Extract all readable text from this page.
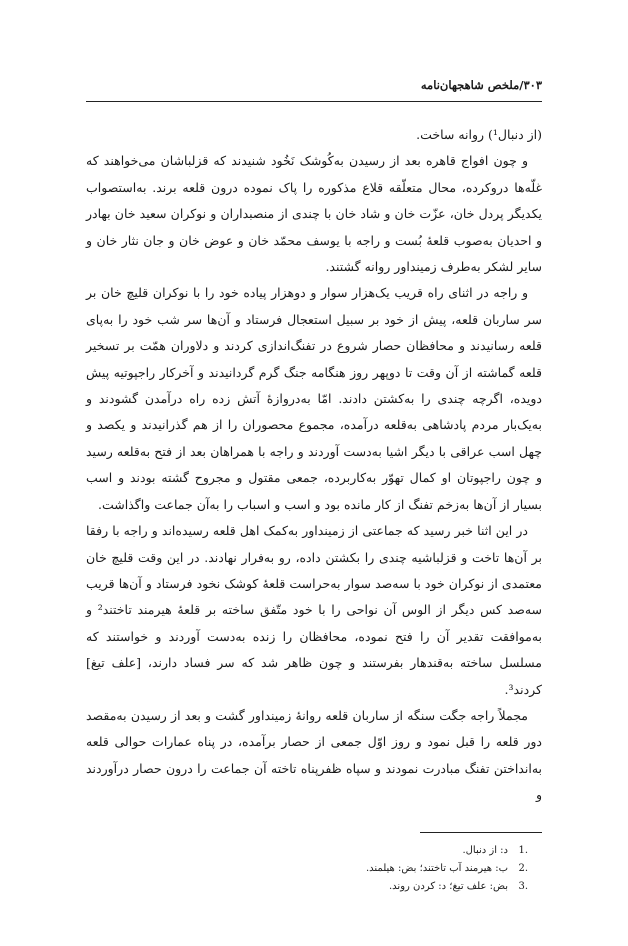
۳۰۳/ملخص شاهجهان‌نامه

(از دنبال¹) روانه ساخت.

و چون افواج قاهره بعد از رسیدن به‌کُوشک نَخُود شنیدند که قزلباشان می‌خواهند که غلّه‌ها درو‌کرده، محال متعلّقه قلاع مذکوره را پاک نموده درون قلعه برند. به‌استصواب یکدیگر پردل خان، عزّت خان و شاد خان با چندی از منصبداران و نوکران سعید خان بهادر و احدیان به‌صوب قلعهٔ بُست و راجه با یوسف محمّد خان و عوض خان و جان نثار خان و سایر لشکر به‌طرف زمینداور روانه گشتند.

و راجه در اثنای راه قریب یک‌هزار سوار و دوهزار پیاده خود را با نوکران قلیچ خان بر سر ساربان قلعه، پیش از خود بر سبیل استعجال فرستاد و آن‌ها سر شب خود را به‌پای قلعه رسانیدند و محافظان حصار شروع در تفنگ‌اندازی کردند و دلاوران همّت بر تسخیر قلعه گماشته از آن وقت تا دوپهر روز هنگامه جنگ گرم گردانیدند و آخرکار راجپوتیه پیش دویده، اگرچه چندی را به‌کشتن دادند. امّا به‌دروازهٔ آتش زده راه درآمدن گشودند و به‌یک‌بار مردم پادشاهی به‌قلعه درآمده، مجموع محصوران را از هم گذرانیدند و یکصد و چهل اسب عراقی با دیگر اشیا به‌دست آوردند و راجه با همراهان بعد از فتح به‌قلعه رسید و چون راجپوتان او کمال تهوّر به‌کاربرده، جمعی مقتول و مجروح گشته بودند و اسب بسیار از آن‌ها به‌زخم تفنگ از کار مانده بود و اسب و اسباب را به‌آن جماعت واگذاشت.

در این اثنا خبر رسید که جماعتی از زمینداور به‌کمک اهل قلعه رسیده‌اند و راجه با رفقا بر آن‌ها تاخت و قزلباشیه چندی را بکشتن داده، رو به‌فرار نهادند. در این وقت قلیچ خان معتمدی از نوکران خود با سه‌صد سوار به‌حراست قلعهٔ کوشک نخود فرستاد و آن‌ها قریب سه‌صد کس دیگر از الوس آن نواحی را با خود متّفق ساخته بر قلعهٔ هیرمند تاختند² و به‌موافقت تقدیر آن را فتح نموده، محافظان را زنده به‌دست آوردند و خواستند که مسلسل ساخته به‌قندهار بفرستند و چون ظاهر شد که سر فساد دارند، [علف تیغ] کردند³.

مجملاً راجه جگت سنگه از ساربان قلعه روانهٔ زمینداور گشت و بعد از رسیدن به‌مقصد دور قلعه را قبل نمود و روز اوّل جمعی از حصار برآمده، در پناه عمارات حوالی قلعه به‌انداختن تفنگ مبادرت نمودند و سپاه ظفرپناه تاخته آن جماعت را درون حصار درآوردند و

.1
د: از دنبال.
.2
ب: هیرمند آب تاختند؛ بض: هیلمند.
.3
بض: علف تیغ؛ د: کردن روند.
